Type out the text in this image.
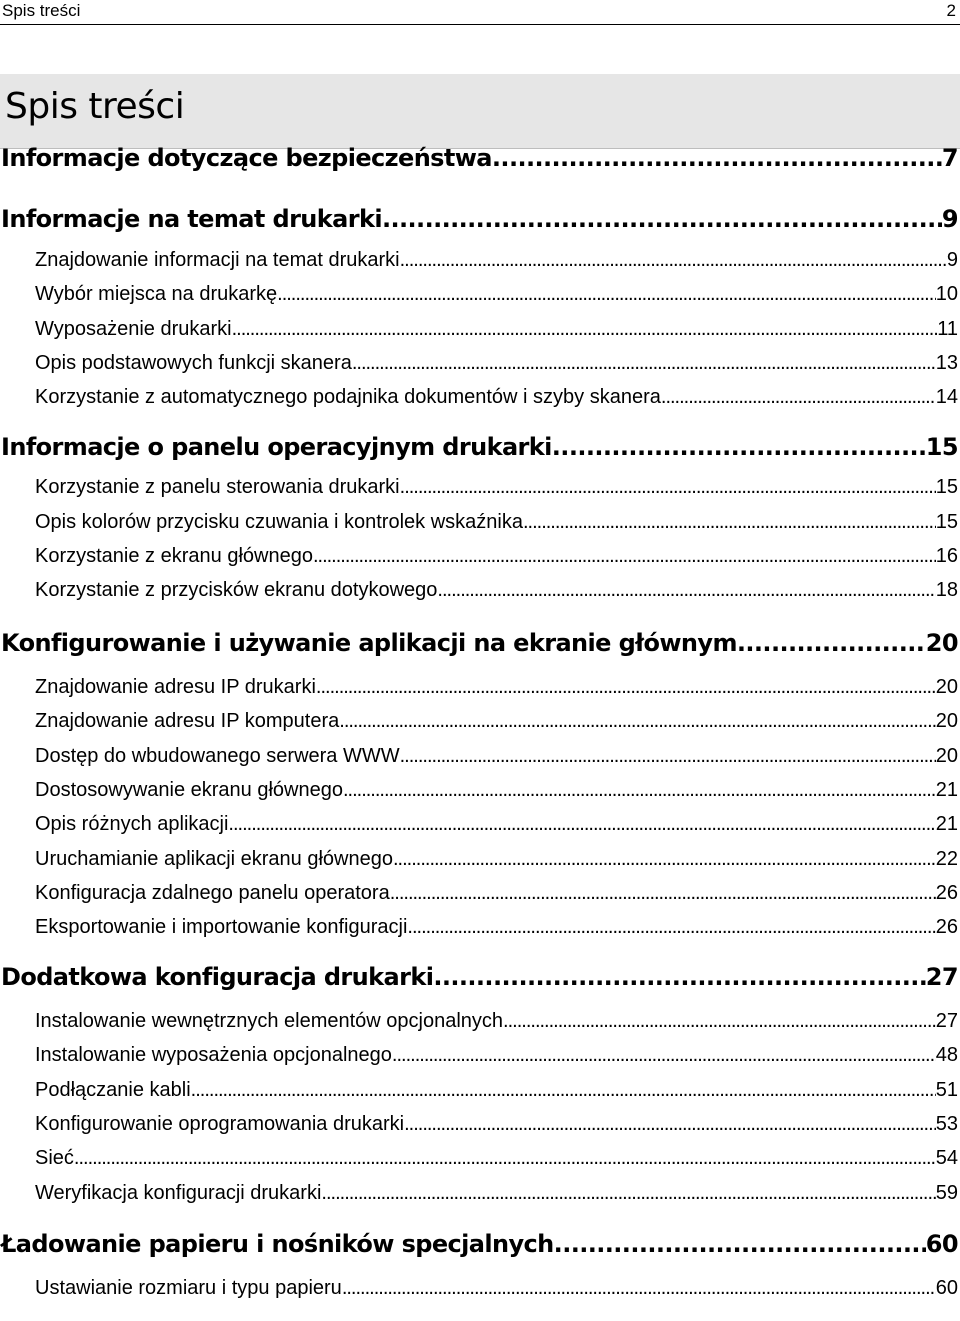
Spis treści	2
Spis treści
Informacje dotyczące bezpieczeństwa .....	7
Informacje na temat drukarki .....	9
Znajdowanie informacji na temat drukarki .....	9
Wybór miejsca na drukarkę .....	10
Wyposażenie drukarki .....	11
Opis podstawowych funkcji skanera .....	13
Korzystanie z automatycznego podajnika dokumentów i szyby skanera .....	14
Informacje o panelu operacyjnym drukarki .....	15
Korzystanie z panelu sterowania drukarki .....	15
Opis kolorów przycisku czuwania i kontrolek wskaźnika .....	15
Korzystanie z ekranu głównego .....	16
Korzystanie z przycisków ekranu dotykowego .....	18
Konfigurowanie i używanie aplikacji na ekranie głównym .....	20
Znajdowanie adresu IP drukarki .....	20
Znajdowanie adresu IP komputera .....	20
Dostęp do wbudowanego serwera WWW .....	20
Dostosowywanie ekranu głównego .....	21
Opis różnych aplikacji .....	21
Uruchamianie aplikacji ekranu głównego .....	22
Konfiguracja zdalnego panelu operatora .....	26
Eksportowanie i importowanie konfiguracji .....	26
Dodatkowa konfiguracja drukarki .....	27
Instalowanie wewnętrznych elementów opcjonalnych .....	27
Instalowanie wyposażenia opcjonalnego .....	48
Podłączanie kabli .....	51
Konfigurowanie oprogramowania drukarki .....	53
Sieć .....	54
Weryfikacja konfiguracji drukarki .....	59
Ładowanie papieru i nośników specjalnych .....	60
Ustawianie rozmiaru i typu papieru .....	60
